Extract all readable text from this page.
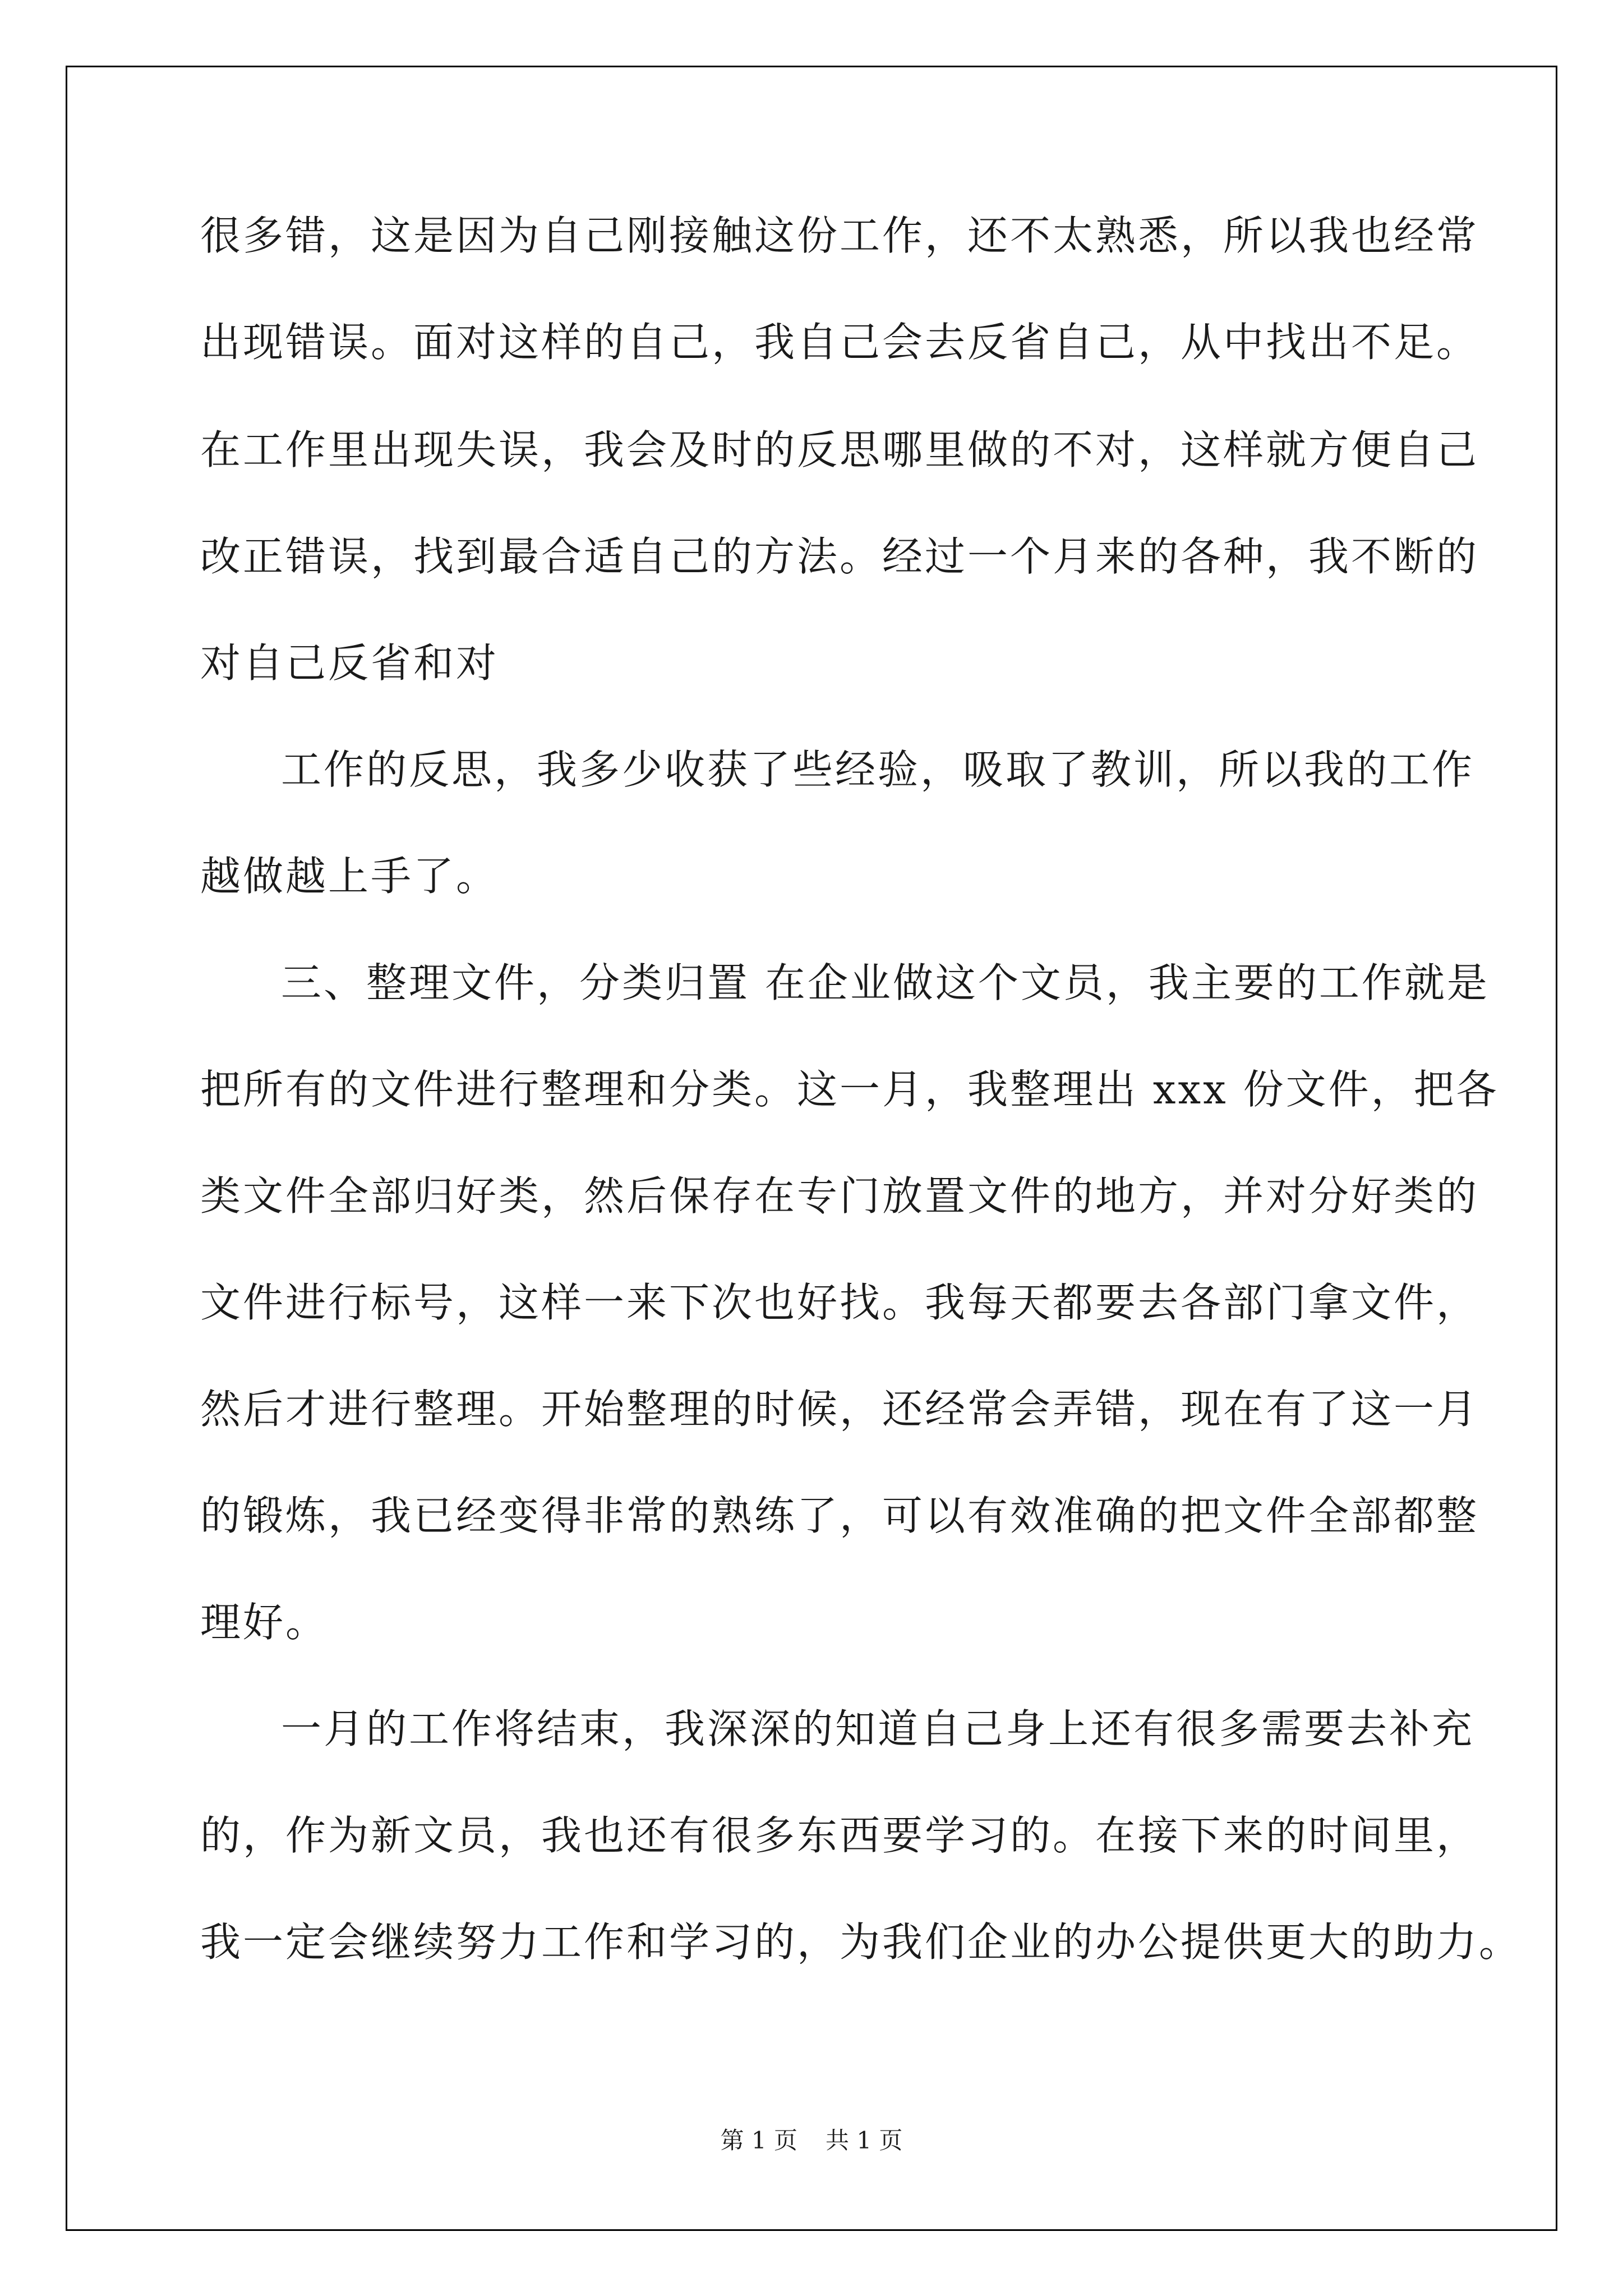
很多错，这是因为自己刚接触这份工作，还不太熟悉，所以我也经常
出现错误。面对这样的自己，我自己会去反省自己，从中找出不足。
在工作里出现失误，我会及时的反思哪里做的不对，这样就方便自己
改正错误，找到最合适自己的方法。经过一个月来的各种，我不断的
对自己反省和对
工作的反思，我多少收获了些经验，吸取了教训，所以我的工作
越做越上手了。
三、整理文件，分类归置 在企业做这个文员，我主要的工作就是
把所有的文件进行整理和分类。这一月，我整理出 xxx 份文件，把各
类文件全部归好类，然后保存在专门放置文件的地方，并对分好类的
文件进行标号，这样一来下次也好找。我每天都要去各部门拿文件，
然后才进行整理。开始整理的时候，还经常会弄错，现在有了这一月
的锻炼，我已经变得非常的熟练了，可以有效准确的把文件全部都整
理好。
一月的工作将结束，我深深的知道自己身上还有很多需要去补充
的，作为新文员，我也还有很多东西要学习的。在接下来的时间里，
我一定会继续努力工作和学习的，为我们企业的办公提供更大的助力。
第 1 页 共 1 页
